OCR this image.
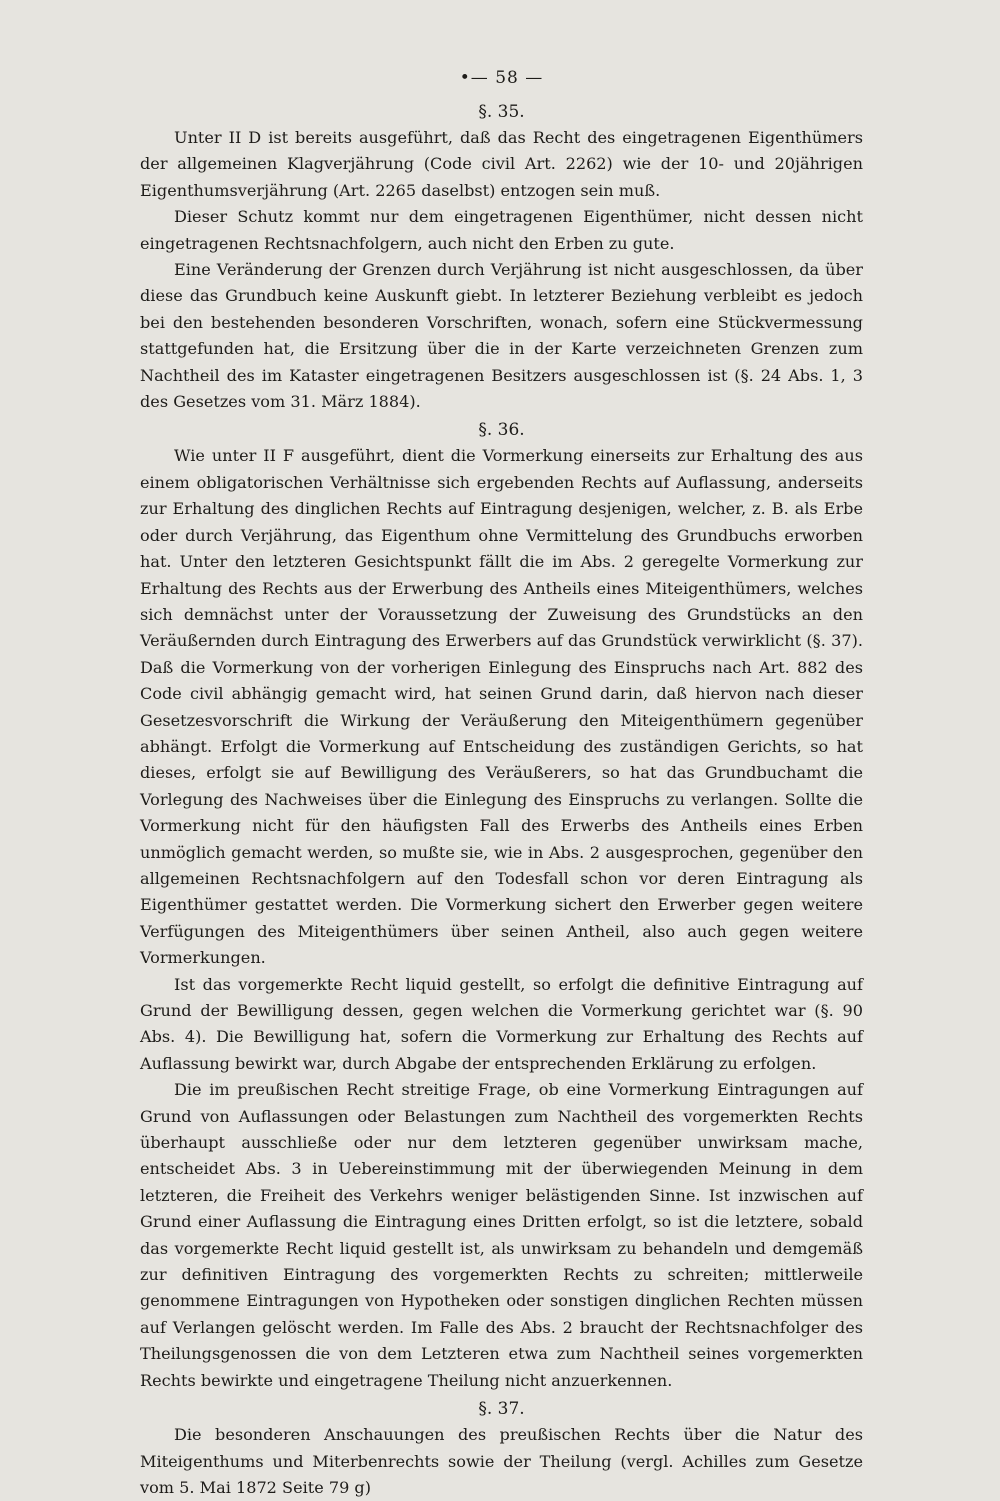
•— 58 —
§. 35.

Unter II D ist bereits ausgeführt, daß das Recht des eingetragenen Eigenthümers der allgemeinen Klagverjährung (Code civil Art. 2262) wie der 10- und 20jährigen Eigenthumsverjährung (Art. 2265 daselbst) entzogen sein muß.

Dieser Schutz kommt nur dem eingetragenen Eigenthümer, nicht dessen nicht eingetragenen Rechtsnachfolgern, auch nicht den Erben zu gute.

Eine Veränderung der Grenzen durch Verjährung ist nicht ausgeschlossen, da über diese das Grundbuch keine Auskunft giebt. In letzterer Beziehung verbleibt es jedoch bei den bestehenden besonderen Vorschriften, wonach, sofern eine Stückvermessung stattgefunden hat, die Ersitzung über die in der Karte verzeichneten Grenzen zum Nachtheil des im Kataster eingetragenen Besitzers ausgeschlossen ist (§. 24 Abs. 1, 3 des Gesetzes vom 31. März 1884).

§. 36.

Wie unter II F ausgeführt, dient die Vormerkung einerseits zur Erhaltung des aus einem obligatorischen Verhältnisse sich ergebenden Rechts auf Auflassung, anderseits zur Erhaltung des dinglichen Rechts auf Eintragung desjenigen, welcher, z. B. als Erbe oder durch Verjährung, das Eigenthum ohne Vermittelung des Grundbuchs erworben hat. Unter den letzteren Gesichtspunkt fällt die im Abs. 2 geregelte Vormerkung zur Erhaltung des Rechts aus der Erwerbung des Antheils eines Miteigenthümers, welches sich demnächst unter der Voraussetzung der Zuweisung des Grundstücks an den Veräußernden durch Eintragung des Erwerbers auf das Grundstück verwirklicht (§. 37). Daß die Vormerkung von der vorherigen Einlegung des Einspruchs nach Art. 882 des Code civil abhängig gemacht wird, hat seinen Grund darin, daß hiervon nach dieser Gesetzesvorschrift die Wirkung der Veräußerung den Miteigenthümern gegenüber abhängt. Erfolgt die Vormerkung auf Entscheidung des zuständigen Gerichts, so hat dieses, erfolgt sie auf Bewilligung des Veräußerers, so hat das Grundbuchamt die Vorlegung des Nachweises über die Einlegung des Einspruchs zu verlangen. Sollte die Vormerkung nicht für den häufigsten Fall des Erwerbs des Antheils eines Erben unmöglich gemacht werden, so mußte sie, wie in Abs. 2 ausgesprochen, gegenüber den allgemeinen Rechtsnachfolgern auf den Todesfall schon vor deren Eintragung als Eigenthümer gestattet werden. Die Vormerkung sichert den Erwerber gegen weitere Verfügungen des Miteigenthümers über seinen Antheil, also auch gegen weitere Vormerkungen.

Ist das vorgemerkte Recht liquid gestellt, so erfolgt die definitive Eintragung auf Grund der Bewilligung dessen, gegen welchen die Vormerkung gerichtet war (§. 90 Abs. 4). Die Bewilligung hat, sofern die Vormerkung zur Erhaltung des Rechts auf Auflassung bewirkt war, durch Abgabe der entsprechenden Erklärung zu erfolgen.

Die im preußischen Recht streitige Frage, ob eine Vormerkung Eintragungen auf Grund von Auflassungen oder Belastungen zum Nachtheil des vorgemerkten Rechts überhaupt ausschließe oder nur dem letzteren gegenüber unwirksam mache, entscheidet Abs. 3 in Uebereinstimmung mit der überwiegenden Meinung in dem letzteren, die Freiheit des Verkehrs weniger belästigenden Sinne. Ist inzwischen auf Grund einer Auflassung die Eintragung eines Dritten erfolgt, so ist die letztere, sobald das vorgemerkte Recht liquid gestellt ist, als unwirksam zu behandeln und demgemäß zur definitiven Eintragung des vorgemerkten Rechts zu schreiten; mittlerweile genommene Eintragungen von Hypotheken oder sonstigen dinglichen Rechten müssen auf Verlangen gelöscht werden. Im Falle des Abs. 2 braucht der Rechtsnachfolger des Theilungsgenossen die von dem Letzteren etwa zum Nachtheil seines vorgemerkten Rechts bewirkte und eingetragene Theilung nicht anzuerkennen.

§. 37.

Die besonderen Anschauungen des preußischen Rechts über die Natur des Miteigenthums und Miterbenrechts sowie der Theilung (vergl. Achilles zum Gesetze vom 5. Mai 1872 Seite 79 g)
